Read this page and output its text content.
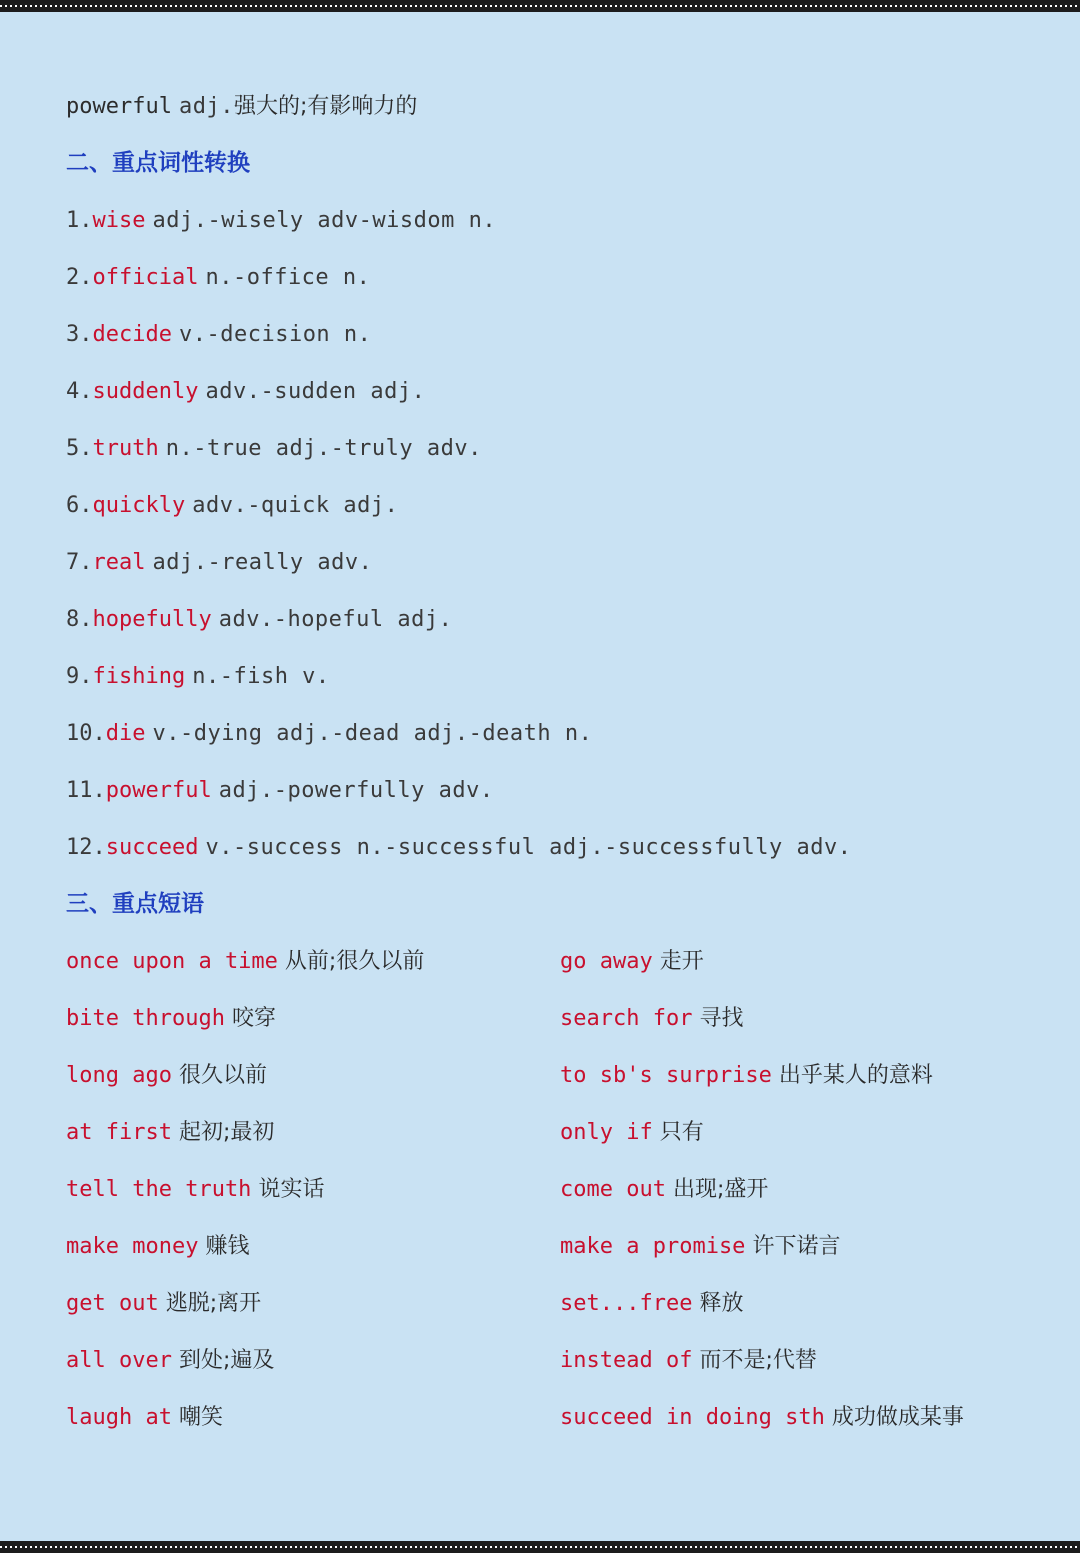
powerful adj.强大的;有影响力的
二、重点词性转换
1.wise adj.-wisely adv-wisdom n.
2.official n.-office n.
3.decide v.-decision n.
4.suddenly adv.-sudden adj.
5.truth n.-true adj.-truly adv.
6.quickly adv.-quick adj.
7.real adj.-really adv.
8.hopefully adv.-hopeful adj.
9.fishing n.-fish v.
10.die v.-dying adj.-dead adj.-death n.
11.powerful adj.-powerfully adv.
12.succeed v.-success n.-successful adj.-successfully adv.
三、重点短语
once upon a time 从前;很久以前
bite through 咬穿
long ago 很久以前
at first 起初;最初
tell the truth 说实话
make money 赚钱
get out 逃脱;离开
all over 到处;遍及
laugh at 嘲笑
go away 走开
search for 寻找
to sb's surprise 出乎某人的意料
only if 只有
come out 出现;盛开
make a promise 许下诺言
set...free 释放
instead of 而不是;代替
succeed in doing sth 成功做成某事
